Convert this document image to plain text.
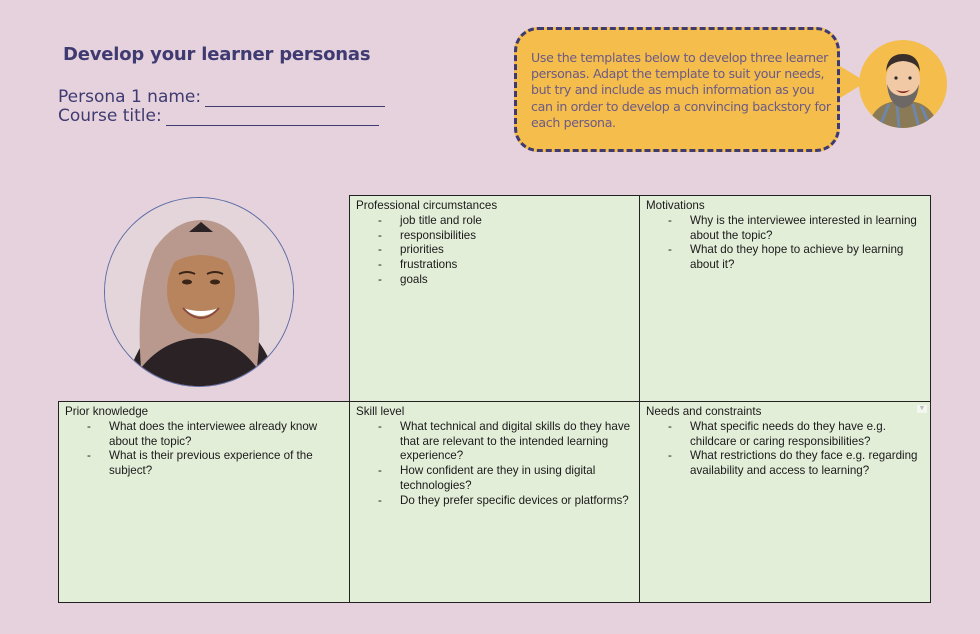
Develop your learner personas
Persona 1 name:
Course title:
Use the templates below to develop three learner personas. Adapt the template to suit your needs, but try and include as much information as you can in order to develop a convincing backstory for each persona.

Professional circumstances

- job title and role
- responsibilities
- priorities
- frustrations
- goals

Motivations

- Why is the interviewee interested in learning about the topic?
- What do they hope to achieve by learning about it?

Prior knowledge

- What does the interviewee already know about the topic?
- What is their previous experience of the subject?

Skill level

- What technical and digital skills do they have that are relevant to the intended learning experience?
- How confident are they in using digital technologies?
- Do they prefer specific devices or platforms?

▼

Needs and constraints

- What specific needs do they have e.g. childcare or caring responsibilities?
- What restrictions do they face e.g. regarding availability and access to learning?
